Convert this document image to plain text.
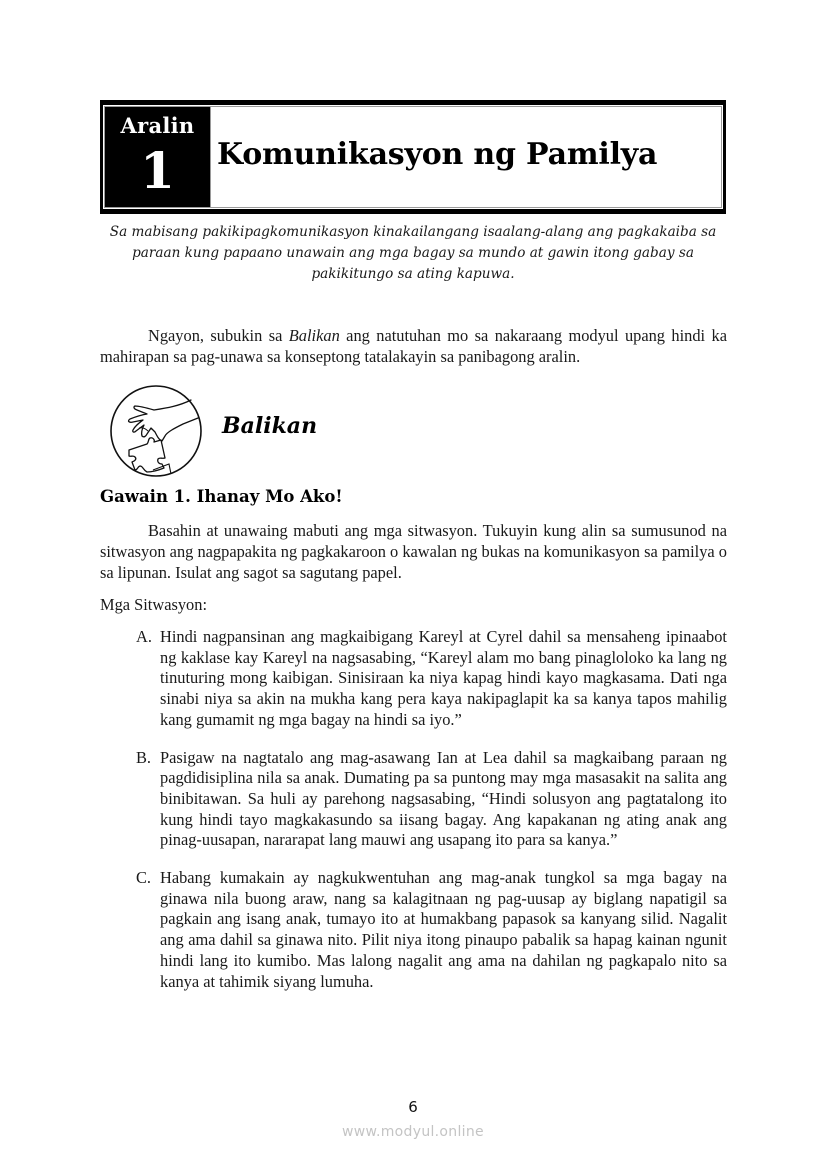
Aralin
1 Komunikasyon ng Pamilya
Sa mabisang pakikipagkomunikasyon kinakailangang isaalang-alang ang pagkakaiba sa paraan kung papaano unawain ang mga bagay sa mundo at gawin itong gabay sa pakikitungo sa ating kapuwa.

Ngayon, subukin sa Balikan ang natutuhan mo sa nakaraang modyul upang hindi ka mahirapan sa pag-unawa sa konseptong tatalakayin sa panibagong aralin.

Balikan
Gawain 1. Ihanay Mo Ako!

Basahin at unawaing mabuti ang mga sitwasyon. Tukuyin kung alin sa sumusunod na sitwasyon ang nagpapakita ng pagkakaroon o kawalan ng bukas na komunikasyon sa pamilya o sa lipunan. Isulat ang sagot sa sagutang papel.

Mga Sitwasyon:
A. Hindi nagpansinan ang magkaibigang Kareyl at Cyrel dahil sa mensaheng ipinaabot ng kaklase kay Kareyl na nagsasabing, “Kareyl alam mo bang pinagloloko ka lang ng tinuturing mong kaibigan. Sinisiraan ka niya kapag hindi kayo magkasama. Dati nga sinabi niya sa akin na mukha kang pera kaya nakipaglapit ka sa kanya tapos mahilig kang gumamit ng mga bagay na hindi sa iyo.”
B. Pasigaw na nagtatalo ang mag-asawang Ian at Lea dahil sa magkaibang paraan ng pagdidisiplina nila sa anak. Dumating pa sa puntong may mga masasakit na salita ang binibitawan. Sa huli ay parehong nagsasabing, “Hindi solusyon ang pagtatalong ito kung hindi tayo magkakasundo sa iisang bagay. Ang kapakanan ng ating anak ang pinag-uusapan, nararapat lang mauwi ang usapang ito para sa kanya.”
C. Habang kumakain ay nagkukwentuhan ang mag-anak tungkol sa mga bagay na ginawa nila buong araw, nang sa kalagitnaan ng pag-uusap ay biglang napatigil sa pagkain ang isang anak, tumayo ito at humakbang papasok sa kanyang silid. Nagalit ang ama dahil sa ginawa nito. Pilit niya itong pinaupo pabalik sa hapag kainan ngunit hindi lang ito kumibo. Mas lalong nagalit ang ama na dahilan ng pagkapalo nito sa kanya at tahimik siyang lumuha.
6
www.modyul.online
